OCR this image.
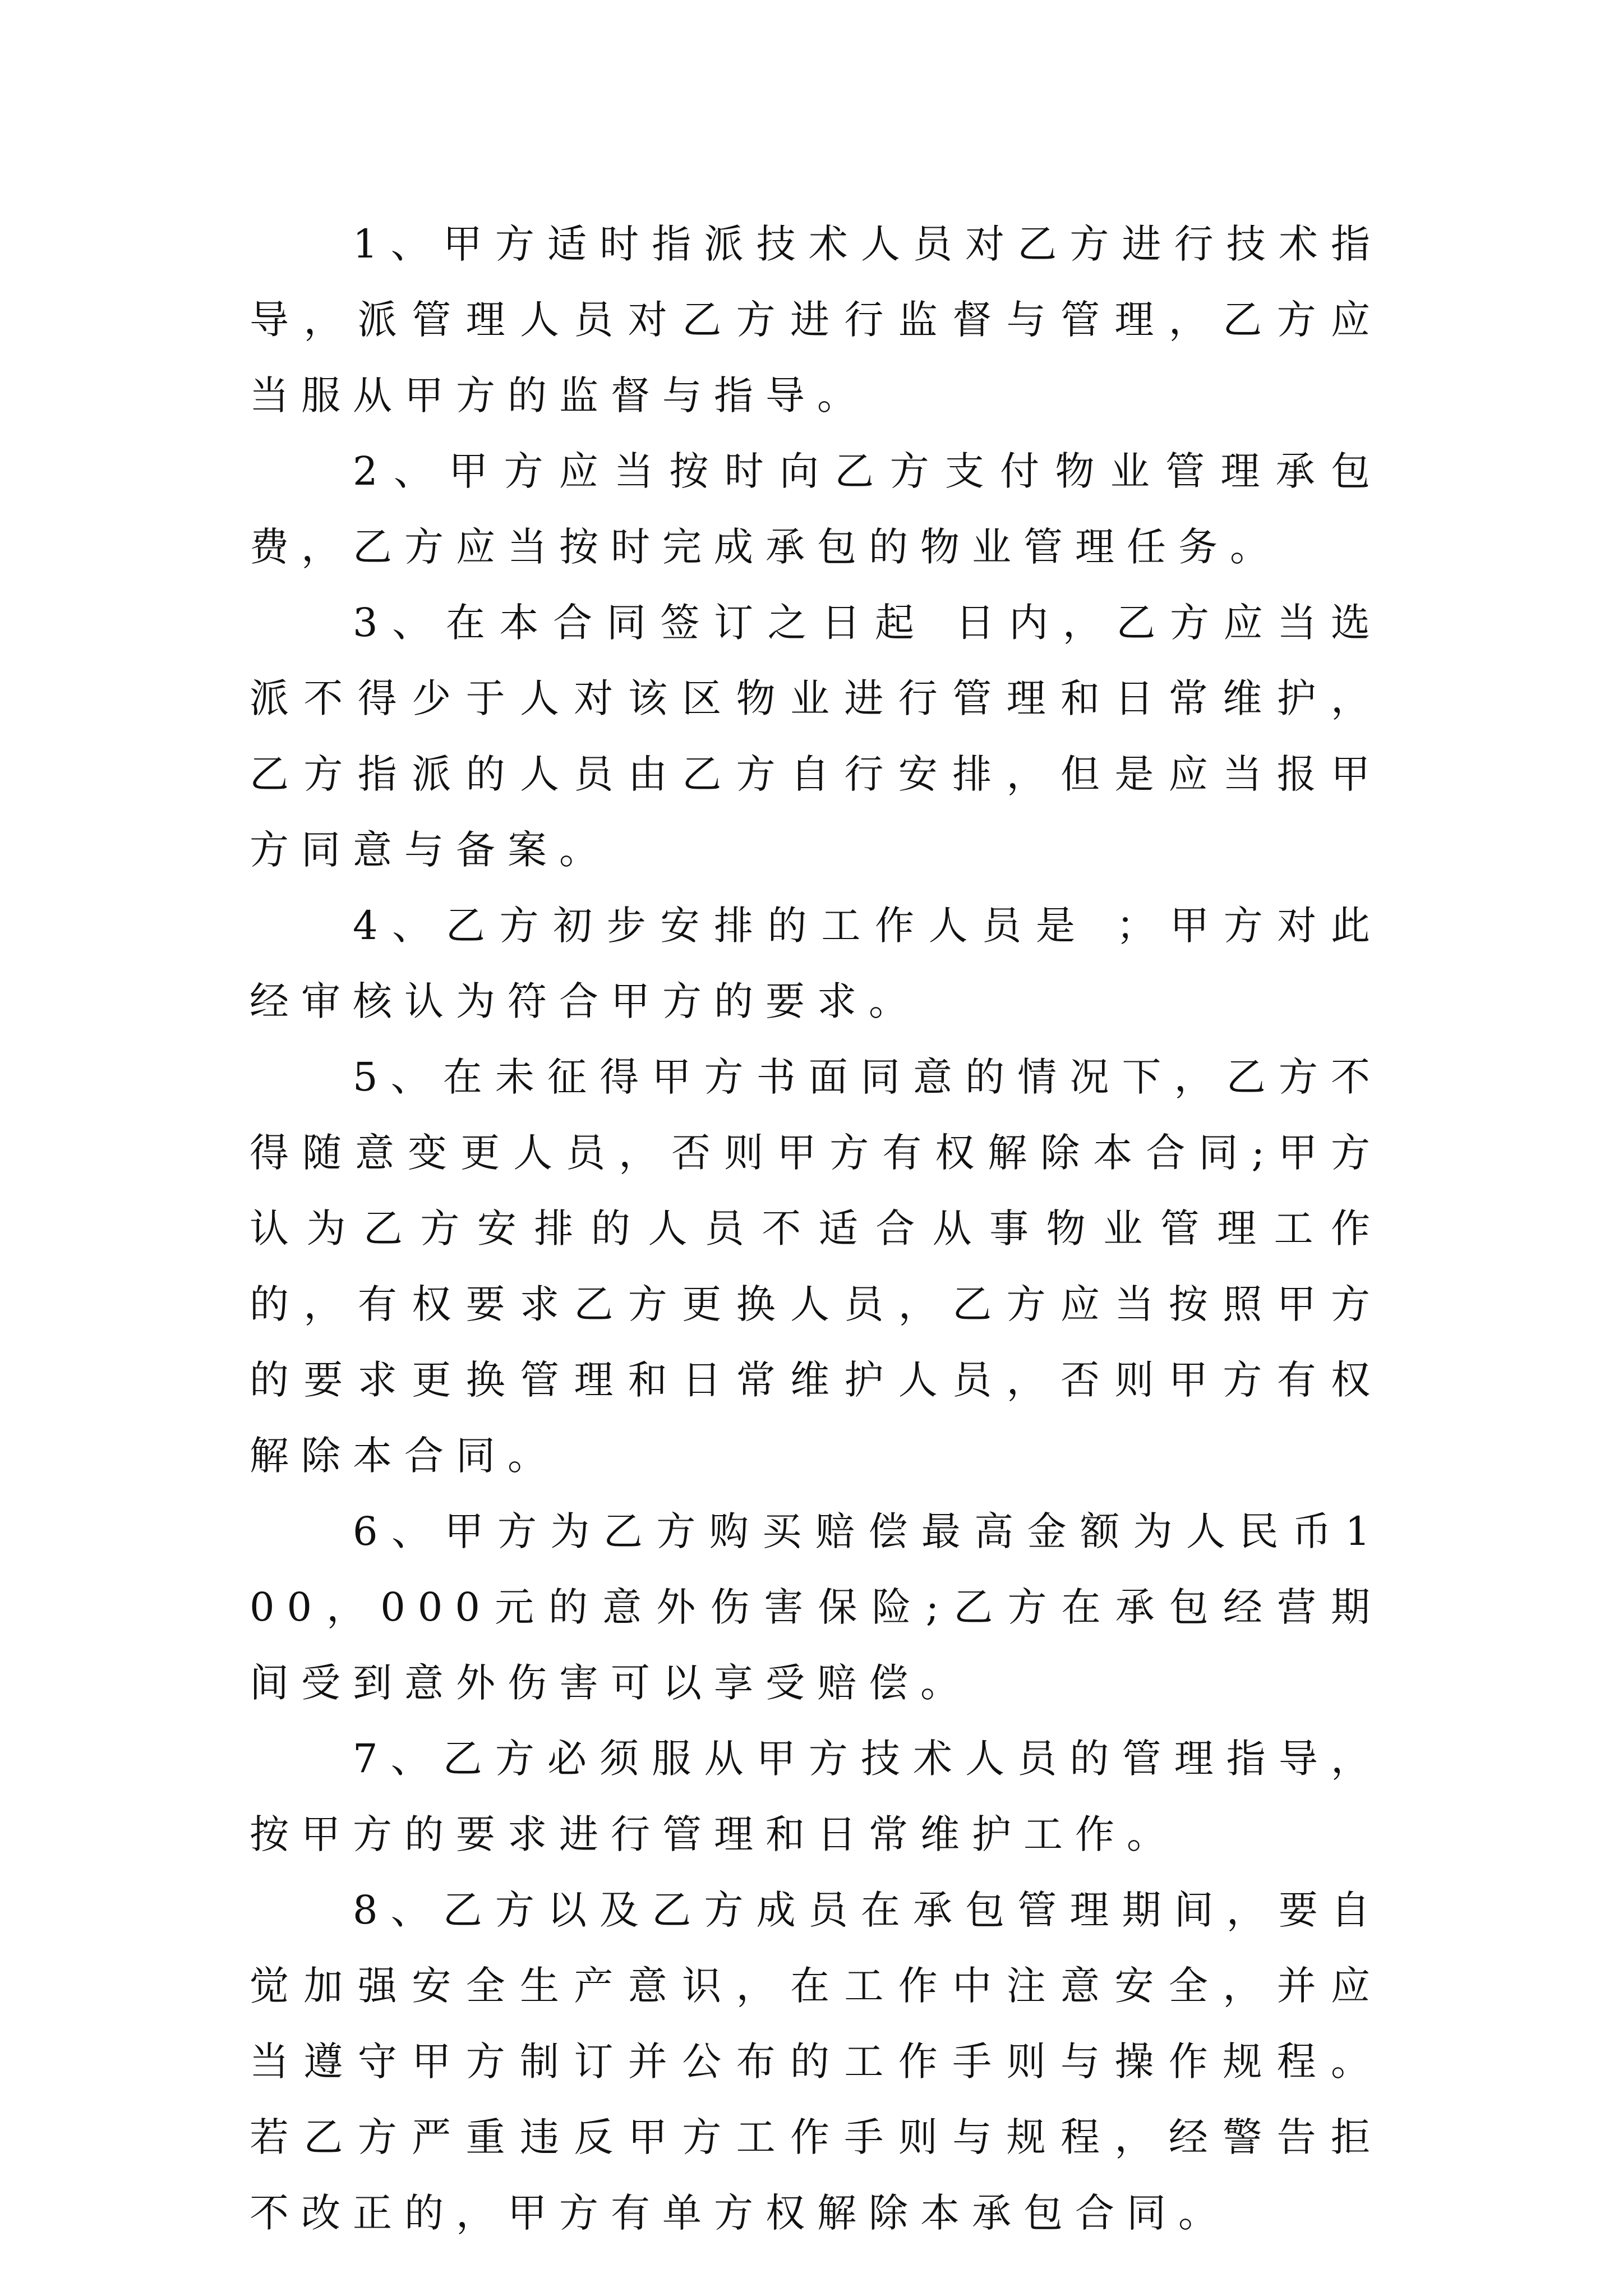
1、甲方适时指派技术人员对乙方进行技术指导，派管理人员对乙方进行监督与管理，乙方应当服从甲方的监督与指导。

2、甲方应当按时向乙方支付物业管理承包费，乙方应当按时完成承包的物业管理任务。

3、在本合同签订之日起 日内，乙方应当选派不得少于人对该区物业进行管理和日常维护，乙方指派的人员由乙方自行安排，但是应当报甲方同意与备案。

4、乙方初步安排的工作人员是 ；甲方对此经审核认为符合甲方的要求。

5、在未征得甲方书面同意的情况下，乙方不得随意变更人员，否则甲方有权解除本合同;甲方认为乙方安排的人员不适合从事物业管理工作的，有权要求乙方更换人员，乙方应当按照甲方的要求更换管理和日常维护人员，否则甲方有权解除本合同。

6、甲方为乙方购买赔偿最高金额为人民币100，000元的意外伤害保险;乙方在承包经营期间受到意外伤害可以享受赔偿。

7、乙方必须服从甲方技术人员的管理指导，按甲方的要求进行管理和日常维护工作。

8、乙方以及乙方成员在承包管理期间，要自觉加强安全生产意识，在工作中注意安全，并应当遵守甲方制订并公布的工作手则与操作规程。若乙方严重违反甲方工作手则与规程，经警告拒不改正的，甲方有单方权解除本承包合同。
